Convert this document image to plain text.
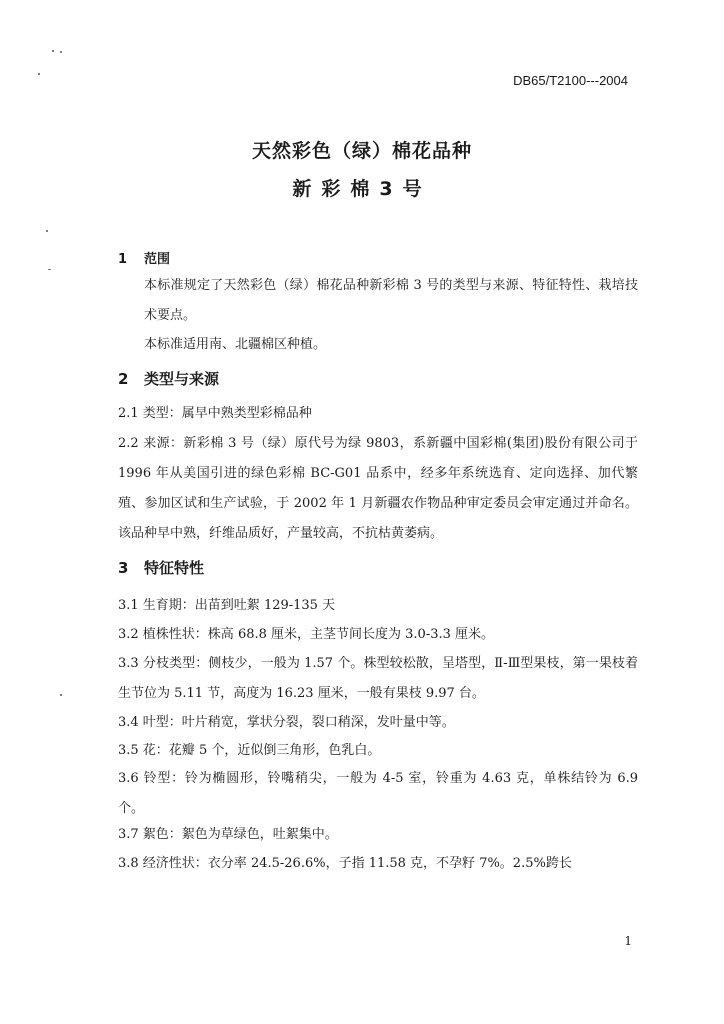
DB65/T2100---2004
天然彩色（绿）棉花品种
新彩棉3号
1 范围
本标准规定了天然彩色（绿）棉花品种新彩棉 3 号的类型与来源、特征特性、栽培技术要点。
本标准适用南、北疆棉区种植。
2 类型与来源
2.1 类型：属早中熟类型彩棉品种
2.2 来源：新彩棉 3 号（绿）原代号为绿 9803，系新疆中国彩棉(集团)股份有限公司于 1996 年从美国引进的绿色彩棉 BC-G01 品系中，经多年系统选育、定向选择、加代繁殖、参加区试和生产试验，于 2002 年 1 月新疆农作物品种审定委员会审定通过并命名。该品种早中熟，纤维品质好，产量较高，不抗枯黄萎病。
3 特征特性
3.1 生育期：出苗到吐絮 129-135 天
3.2 植株性状：株高 68.8 厘米，主茎节间长度为 3.0-3.3 厘米。
3.3 分枝类型：侧枝少，一般为 1.57 个。株型较松散，呈塔型，Ⅱ-Ⅲ型果枝，第一果枝着生节位为 5.11 节，高度为 16.23 厘米，一般有果枝 9.97 台。
3.4 叶型：叶片稍宽，掌状分裂，裂口稍深，发叶量中等。
3.5 花：花瓣 5 个，近似倒三角形，色乳白。
3.6 铃型：铃为椭圆形，铃嘴稍尖，一般为 4-5 室，铃重为 4.63 克，单株结铃为 6.9 个。
3.7 絮色：絮色为草绿色，吐絮集中。
3.8 经济性状：衣分率 24.5-26.6%，子指 11.58 克，不孕籽 7%。2.5%跨长
1
